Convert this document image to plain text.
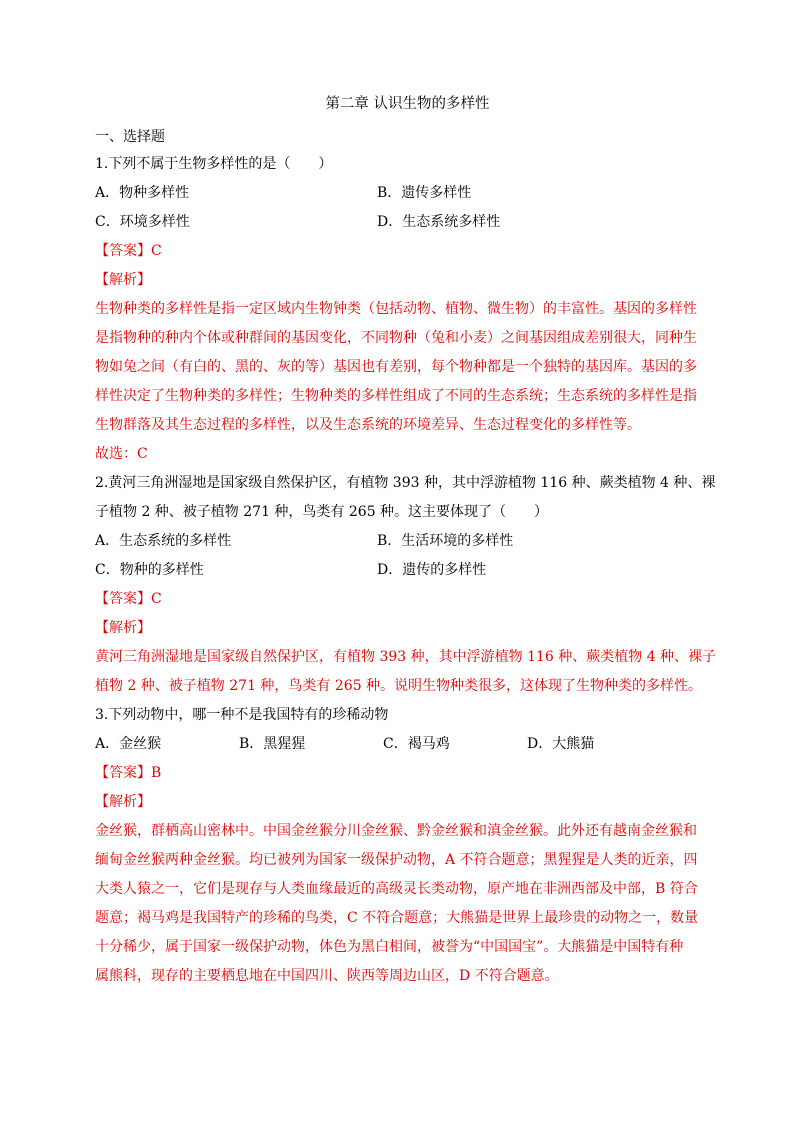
第二章 认识生物的多样性
一、选择题
1.下列不属于生物多样性的是（　　）
A．物种多样性	B．遗传多样性
C．环境多样性	D．生态系统多样性
【答案】C
【解析】
生物种类的多样性是指一定区域内生物钟类（包括动物、植物、微生物）的丰富性。基因的多样性
是指物种的种内个体或种群间的基因变化，不同物种（兔和小麦）之间基因组成差别很大，同种生
物如兔之间（有白的、黑的、灰的等）基因也有差别，每个物种都是一个独特的基因库。基因的多
样性决定了生物种类的多样性；生物种类的多样性组成了不同的生态系统；生态系统的多样性是指
生物群落及其生态过程的多样性，以及生态系统的环境差异、生态过程变化的多样性等。
故选：C
2.黄河三角洲湿地是国家级自然保护区，有植物 393 种，其中浮游植物 116 种、蕨类植物 4 种、裸
子植物 2 种、被子植物 271 种，鸟类有 265 种。这主要体现了（　　）
A．生态系统的多样性	B．生活环境的多样性
C．物种的多样性	D．遗传的多样性
【答案】C
【解析】
黄河三角洲湿地是国家级自然保护区，有植物 393 种，其中浮游植物 116 种、蕨类植物 4 种、裸子
植物 2 种、被子植物 271 种，鸟类有 265 种。说明生物种类很多，这体现了生物种类的多样性。
3.下列动物中，哪一种不是我国特有的珍稀动物
A．金丝猴	B．黑猩猩	C．褐马鸡	D．大熊猫
【答案】B
【解析】
金丝猴，群栖高山密林中。中国金丝猴分川金丝猴、黔金丝猴和滇金丝猴。此外还有越南金丝猴和
缅甸金丝猴两种金丝猴。均已被列为国家一级保护动物，A 不符合题意；黑猩猩是人类的近亲，四
大类人猿之一，它们是现存与人类血缘最近的高级灵长类动物，原产地在非洲西部及中部，B 符合
题意；褐马鸡是我国特产的珍稀的鸟类，C 不符合题意；大熊猫是世界上最珍贵的动物之一，数量
十分稀少，属于国家一级保护动物，体色为黑白相间，被誉为“中国国宝”。大熊猫是中国特有种
属熊科，现存的主要栖息地在中国四川、陕西等周边山区，D 不符合题意。
